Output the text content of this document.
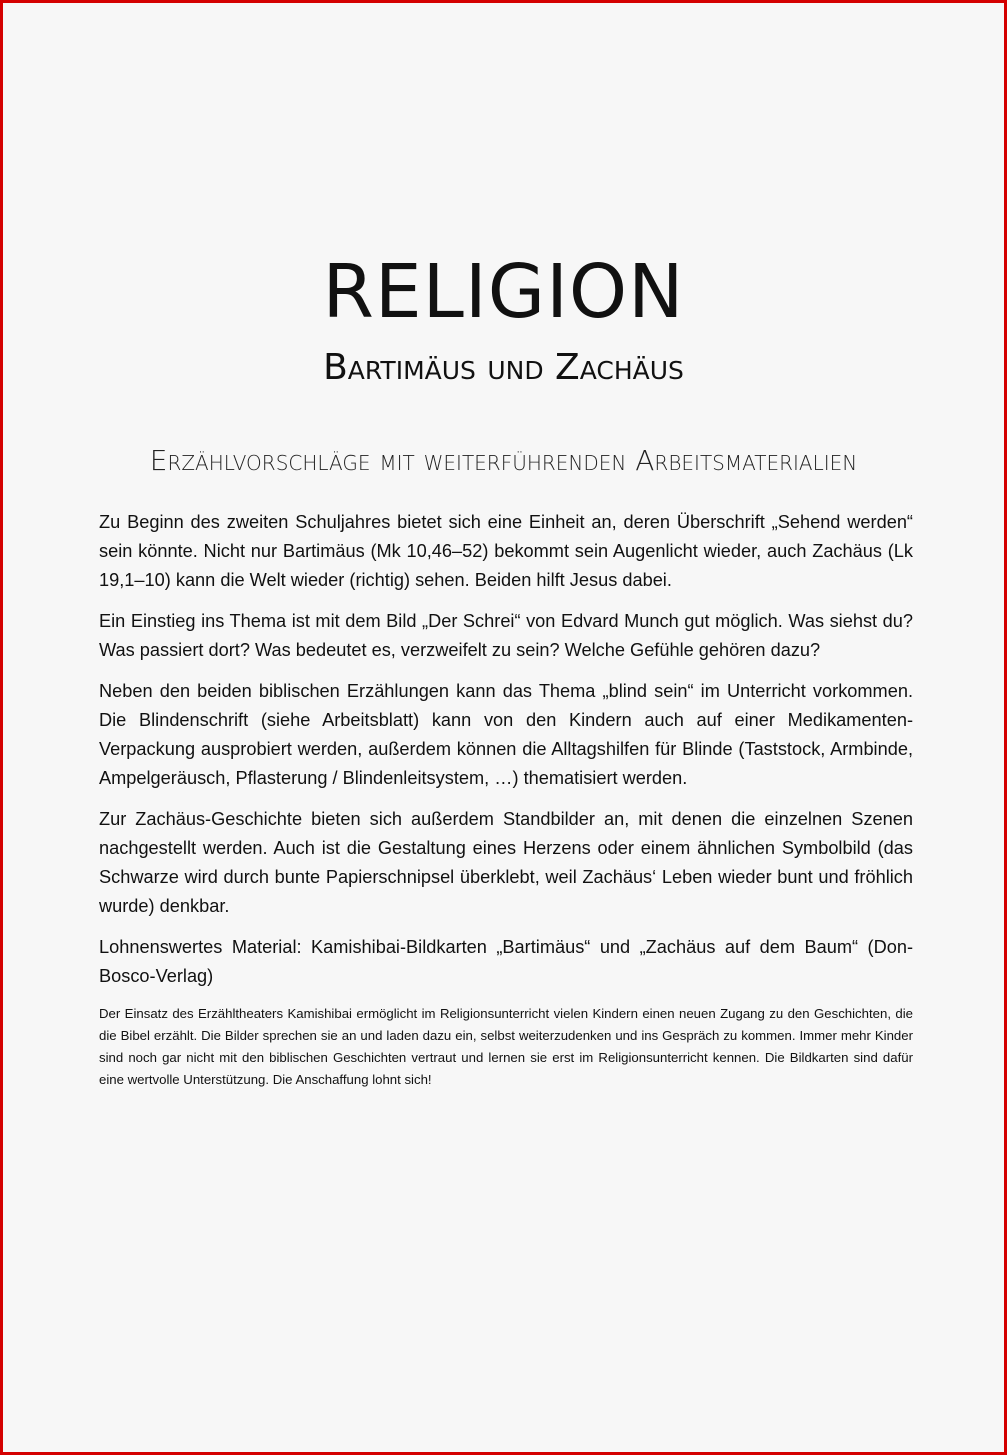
RELIGION
Bartimäus und Zachäus
Erzählvorschläge mit weiterführenden Arbeitsmaterialien

Zu Beginn des zweiten Schuljahres bietet sich eine Einheit an, deren Überschrift „Sehend werden“ sein könnte. Nicht nur Bartimäus (Mk 10,46–52) bekommt sein Augenlicht wieder, auch Zachäus (Lk 19,1–10) kann die Welt wieder (richtig) sehen. Beiden hilft Jesus dabei.

Ein Einstieg ins Thema ist mit dem Bild „Der Schrei“ von Edvard Munch gut möglich. Was siehst du? Was passiert dort? Was bedeutet es, verzweifelt zu sein? Welche Gefühle gehören dazu?

Neben den beiden biblischen Erzählungen kann das Thema „blind sein“ im Unterricht vorkommen. Die Blindenschrift (siehe Arbeitsblatt) kann von den Kindern auch auf einer Medikamenten-Verpackung ausprobiert werden, außerdem können die Alltagshilfen für Blinde (Taststock, Armbinde, Ampelgeräusch, Pflasterung / Blindenleitsystem, …) thematisiert werden.

Zur Zachäus-Geschichte bieten sich außerdem Standbilder an, mit denen die einzelnen Szenen nachgestellt werden. Auch ist die Gestaltung eines Herzens oder einem ähnlichen Symbolbild (das Schwarze wird durch bunte Papierschnipsel überklebt, weil Zachäus‘ Leben wieder bunt und fröhlich wurde) denkbar.

Lohnenswertes Material: Kamishibai-Bildkarten „Bartimäus“ und „Zachäus auf dem Baum“ (Don-Bosco-Verlag)

Der Einsatz des Erzähltheaters Kamishibai ermöglicht im Religionsunterricht vielen Kindern einen neuen Zugang zu den Geschichten, die die Bibel erzählt. Die Bilder sprechen sie an und laden dazu ein, selbst weiterzudenken und ins Gespräch zu kommen. Immer mehr Kinder sind noch gar nicht mit den biblischen Geschichten vertraut und lernen sie erst im Religionsunterricht kennen. Die Bildkarten sind dafür eine wertvolle Unterstützung. Die Anschaffung lohnt sich!
